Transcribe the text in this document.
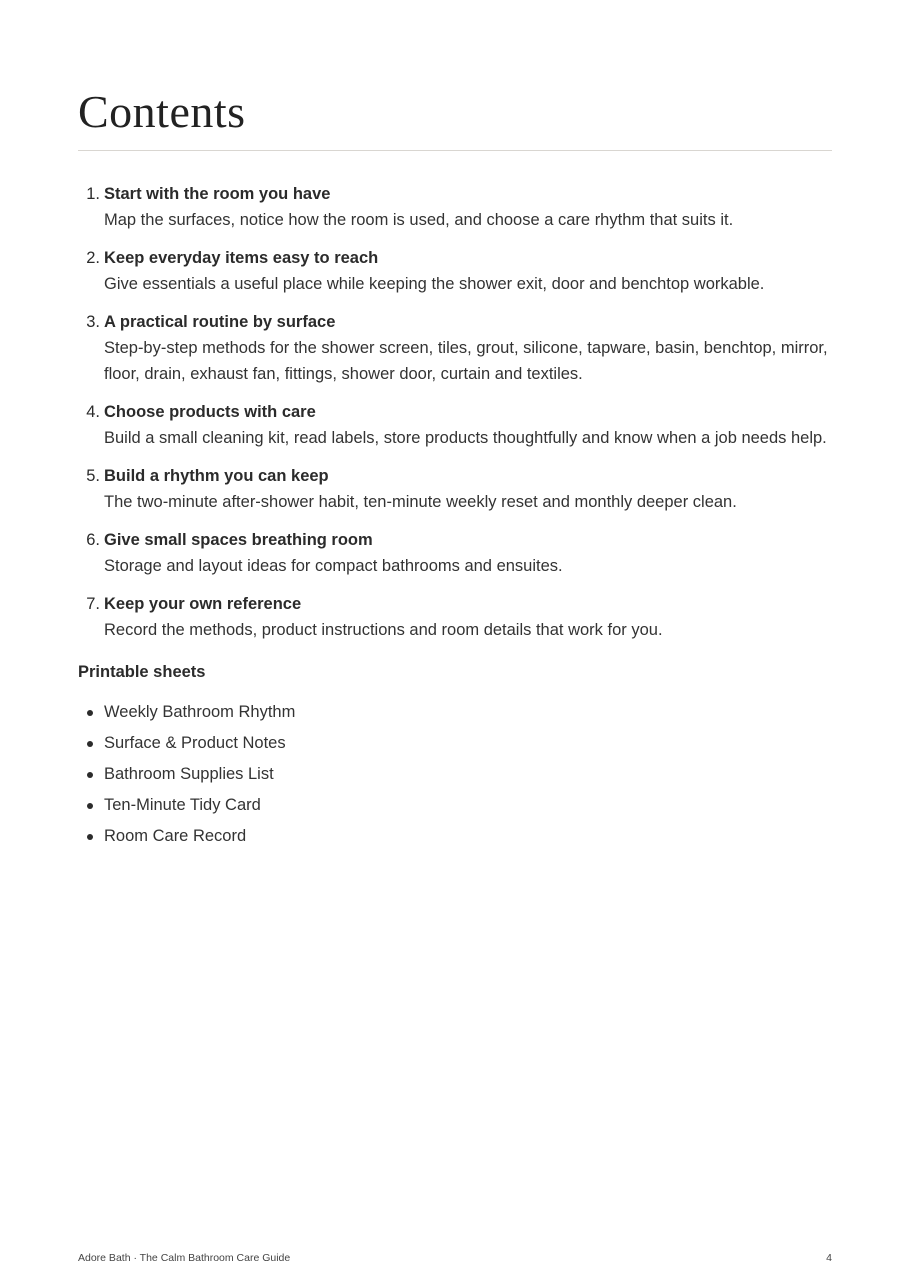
Contents
1. Start with the room you have
Map the surfaces, notice how the room is used, and choose a care rhythm that suits it.
2. Keep everyday items easy to reach
Give essentials a useful place while keeping the shower exit, door and benchtop workable.
3. A practical routine by surface
Step-by-step methods for the shower screen, tiles, grout, silicone, tapware, basin, benchtop, mirror, floor, drain, exhaust fan, fittings, shower door, curtain and textiles.
4. Choose products with care
Build a small cleaning kit, read labels, store products thoughtfully and know when a job needs help.
5. Build a rhythm you can keep
The two-minute after-shower habit, ten-minute weekly reset and monthly deeper clean.
6. Give small spaces breathing room
Storage and layout ideas for compact bathrooms and ensuites.
7. Keep your own reference
Record the methods, product instructions and room details that work for you.
Printable sheets
Weekly Bathroom Rhythm
Surface & Product Notes
Bathroom Supplies List
Ten-Minute Tidy Card
Room Care Record
Adore Bath · The Calm Bathroom Care Guide	4
